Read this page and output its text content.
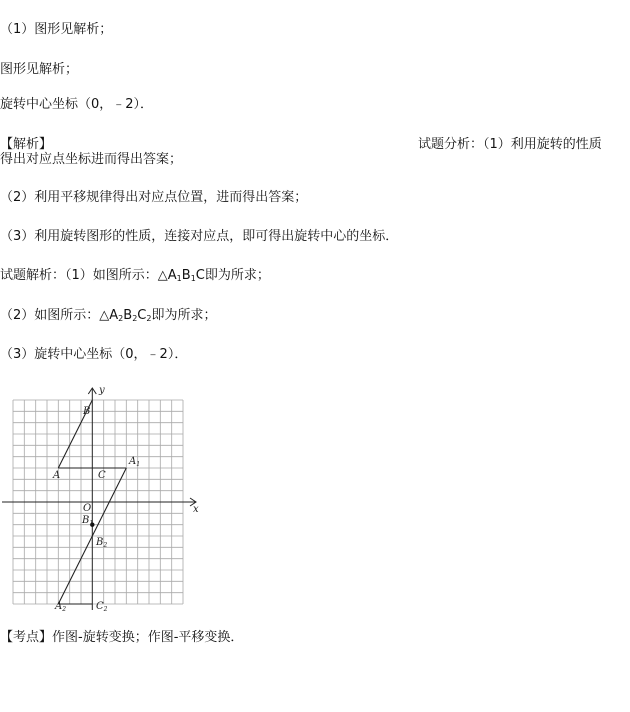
（1）图形见解析；
图形见解析；
旋转中心坐标（0，﹣2）．
【解析】	试题分析：（1）利用旋转的性质
得出对应点坐标进而得出答案；
（2）利用平移规律得出对应点位置，进而得出答案；
（3）利用旋转图形的性质，连接对应点，即可得出旋转中心的坐标．
试题解析：（1）如图所示：$\triangle A_1B_1C$即为所求；
（2）如图所示：$\triangle A_2B_2C_2$即为所求；
（3）旋转中心坐标（0，﹣2）．
y
x
O
B
A	C
$A_1$
$B_1$
$B_2$
$A_2$	$C_2$
【考点】作图-旋转变换；作图-平移变换．
